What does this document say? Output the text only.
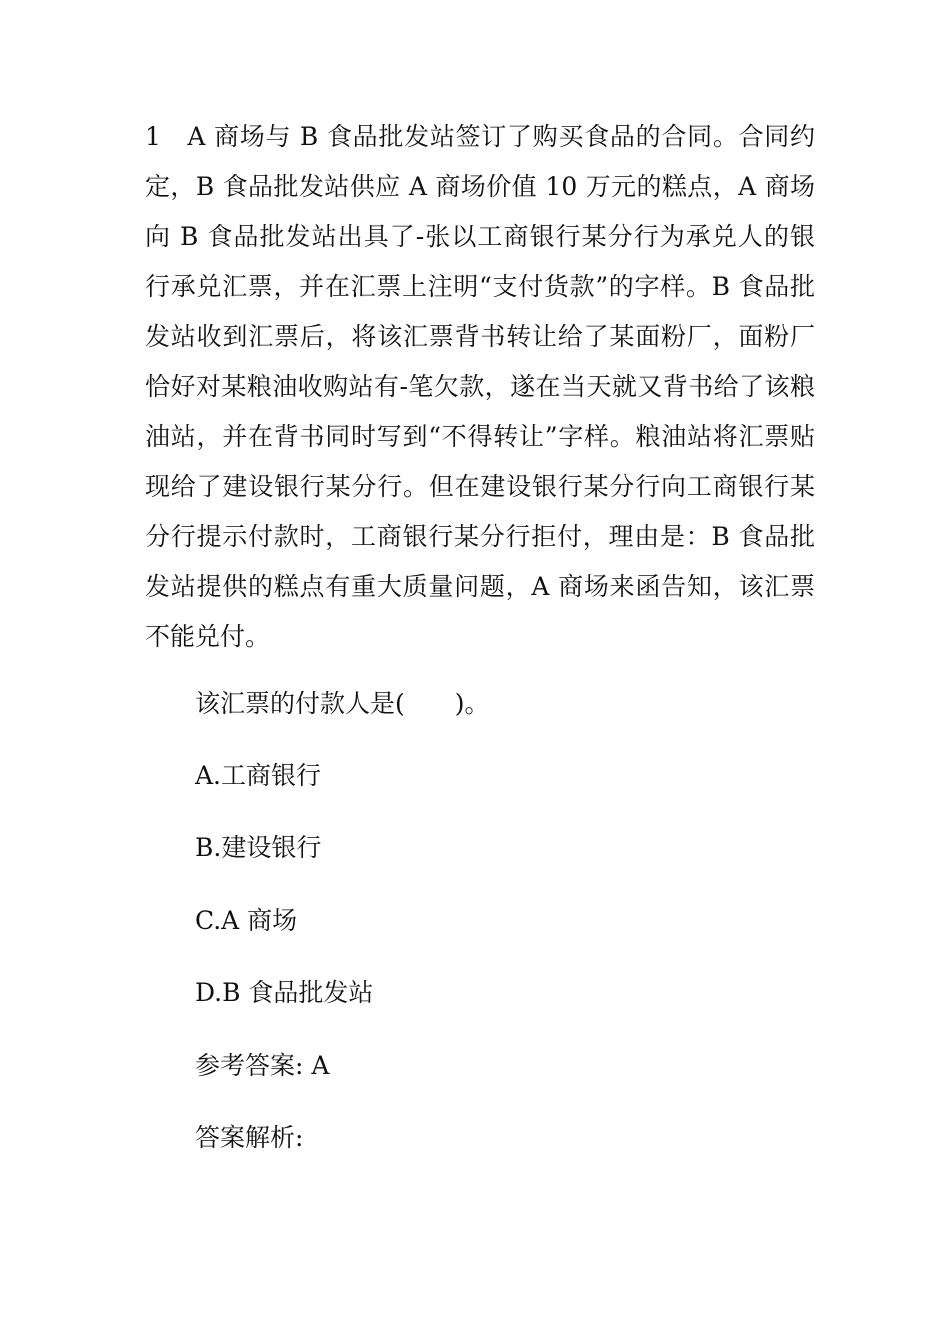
1　A 商场与 B 食品批发站签订了购买食品的合同。合同约
定，B 食品批发站供应 A 商场价值 10 万元的糕点，A 商场
向 B 食品批发站出具了-张以工商银行某分行为承兑人的银
行承兑汇票，并在汇票上注明“支付货款”的字样。B 食品批
发站收到汇票后，将该汇票背书转让给了某面粉厂，面粉厂
恰好对某粮油收购站有-笔欠款，遂在当天就又背书给了该粮
油站，并在背书同时写到“不得转让”字样。粮油站将汇票贴
现给了建设银行某分行。但在建设银行某分行向工商银行某
分行提示付款时，工商银行某分行拒付，理由是：B 食品批
发站提供的糕点有重大质量问题，A 商场来函告知，该汇票
不能兑付。
该汇票的付款人是(　　)。
A.工商银行
B.建设银行
C.A 商场
D.B 食品批发站
参考答案: A
答案解析:
